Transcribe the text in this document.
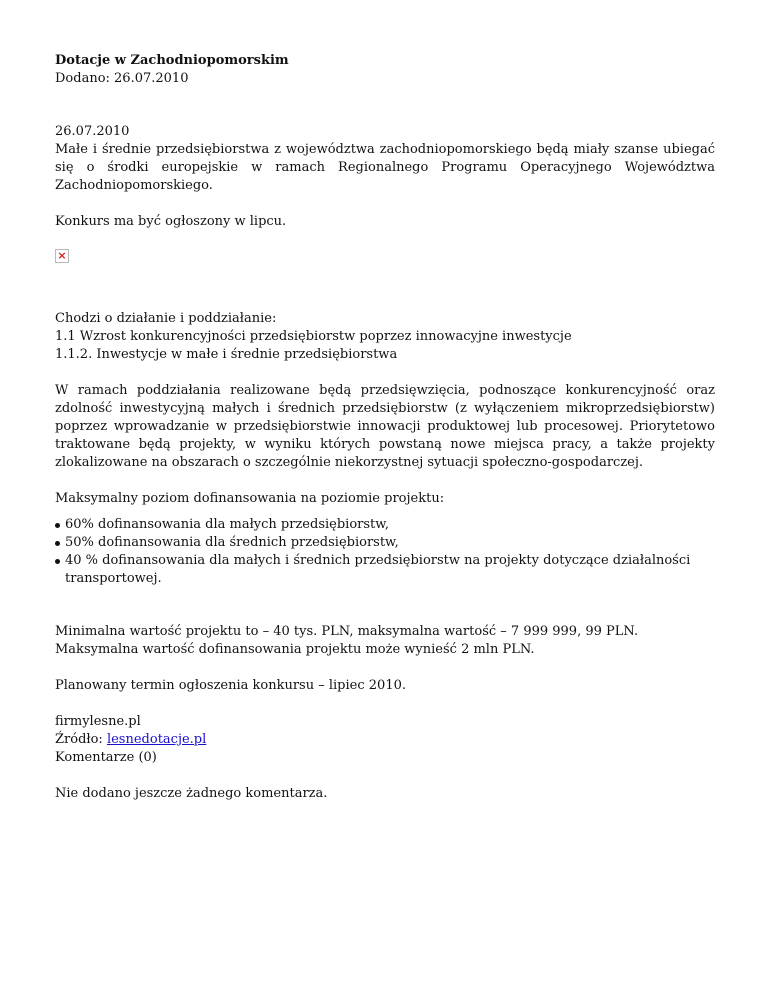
Dotacje w Zachodniopomorskim
Dodano: 26.07.2010
26.07.2010
Małe i średnie przedsiębiorstwa z województwa zachodniopomorskiego będą miały szanse ubiegać się o środki europejskie w ramach Regionalnego Programu Operacyjnego Województwa Zachodniopomorskiego.
Konkurs ma być ogłoszony w lipcu.
×
Chodzi o działanie i poddziałanie:
1.1 Wzrost konkurencyjności przedsiębiorstw poprzez innowacyjne inwestycje
1.1.2. Inwestycje w małe i średnie przedsiębiorstwa
W ramach poddziałania realizowane będą przedsięwzięcia, podnoszące konkurencyjność oraz zdolność inwestycyjną małych i średnich przedsiębiorstw (z wyłączeniem mikroprzedsiębiorstw) poprzez wprowadzanie w przedsiębiorstwie innowacji produktowej lub procesowej. Priorytetowo traktowane będą projekty, w wyniku których powstaną nowe miejsca pracy, a także projekty zlokalizowane na obszarach o szczególnie niekorzystnej sytuacji społeczno-gospodarczej.
Maksymalny poziom dofinansowania na poziomie projektu:
60% dofinansowania dla małych przedsiębiorstw,
50% dofinansowania dla średnich przedsiębiorstw,
40 % dofinansowania dla małych i średnich przedsiębiorstw na projekty dotyczące działalności transportowej.
Minimalna wartość projektu to – 40 tys. PLN, maksymalna wartość – 7 999 999, 99 PLN.
Maksymalna wartość dofinansowania projektu może wynieść 2 mln PLN.
Planowany termin ogłoszenia konkursu – lipiec 2010.
firmylesne.pl
Źródło: lesnedotacje.pl
Komentarze (0)
Nie dodano jeszcze żadnego komentarza.
